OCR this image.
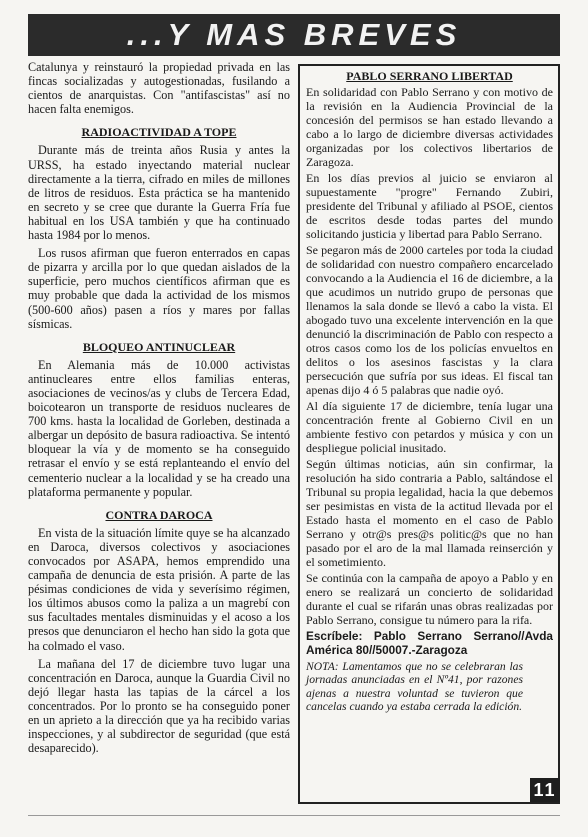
...Y MAS BREVES

Catalunya y reinstauró la propiedad privada en las fincas socializadas y autogestionadas, fusilando a cientos de anarquistas. Con "antifascistas" así no hacen falta enemigos.

RADIOACTIVIDAD A TOPE

Durante más de treinta años Rusia y antes la URSS, ha estado inyectando material nuclear directamente a la tierra, cifrado en miles de millones de litros de residuos. Esta práctica se ha mantenido en secreto y se cree que durante la Guerra Fría fue habitual en los USA también y que ha continuado hasta 1984 por lo menos.

Los rusos afirman que fueron enterrados en capas de pizarra y arcilla por lo que quedan aislados de la superficie, pero muchos científicos afirman que es muy probable que dada la actividad de los mismos (500-600 años) pasen a ríos y mares por fallas sísmicas.

BLOQUEO ANTINUCLEAR

En Alemania más de 10.000 activistas antinucleares entre ellos familias enteras, asociaciones de vecinos/as y clubs de Tercera Edad, boicotearon un transporte de residuos nucleares de 700 kms. hasta la localidad de Gorleben, destinada a albergar un depósito de basura radioactiva. Se intentó bloquear la vía y de momento se ha conseguido retrasar el envío y se está replanteando el envío del cementerio nuclear a la localidad y se ha creado una plataforma permanente y popular.

CONTRA DAROCA

En vista de la situación límite quye se ha alcanzado en Daroca, diversos colectivos y asociaciones convocados por ASAPA, hemos emprendido una campaña de denuncia de esta prisión. A parte de las pésimas condiciones de vida y severísimo régimen, los últimos abusos como la paliza a un magrebí con sus facultades mentales disminuidas y el acoso a los presos que denunciaron el hecho han sido la gota que ha colmado el vaso.

La mañana del 17 de diciembre tuvo lugar una concentración en Daroca, aunque la Guardia Civil no dejó llegar hasta las tapias de la cárcel a los concentrados. Por lo pronto se ha conseguido poner en un aprieto a la dirección que ya ha recibido varias inspecciones, y al subdirector de seguridad (que está desaparecido).

PABLO SERRANO LIBERTAD

En solidaridad con Pablo Serrano y con motivo de la revisión en la Audiencia Provincial de la concesión del permisos se han estado llevando a cabo a lo largo de diciembre diversas actividades organizadas por los colectivos libertarios de Zaragoza.

En los días previos al juicio se enviaron al supuestamente "progre" Fernando Zubiri, presidente del Tribunal y afiliado al PSOE, cientos de escritos desde todas partes del mundo solicitando justicia y libertad para Pablo Serrano.

Se pegaron más de 2000 carteles por toda la ciudad de solidaridad con nuestro compañero encarcelado convocando a la Audiencia el 16 de diciembre, a la que acudimos un nutrido grupo de personas que llenamos la sala donde se llevó a cabo la vista. El abogado tuvo una excelente intervención en la que denunció la discriminación de Pablo con respecto a otros casos como los de los policías envueltos en delitos o los asesinos fascistas y la clara persecución que sufría por sus ideas. El fiscal tan apenas dijo 4 ó 5 palabras que nadie oyó.

Al día siguiente 17 de diciembre, tenía lugar una concentración frente al Gobierno Civil en un ambiente festivo con petardos y música y con un despliegue policial inusitado.

Según últimas noticias, aún sin confirmar, la resolución ha sido contraria a Pablo, saltándose el Tribunal su propia legalidad, hacia la que debemos ser pesimistas en vista de la actitud llevada por el Estado hasta el momento en el caso de Pablo Serrano y otr@s pres@s politic@s que no han pasado por el aro de la mal llamada reinserción y el sometimiento.

Se continúa con la campaña de apoyo a Pablo y en enero se realizará un concierto de solidaridad durante el cual se rifarán unas obras realizadas por Pablo Serrano, consigue tu número para la rifa.

Escríbele: Pablo Serrano Serrano//Avda América 80//50007.-Zaragoza

NOTA: Lamentamos que no se celebraran las jornadas anunciadas en el Nº41, por razones ajenas a nuestra voluntad se tuvieron que cancelas cuando ya estaba cerrada la edición.

11
